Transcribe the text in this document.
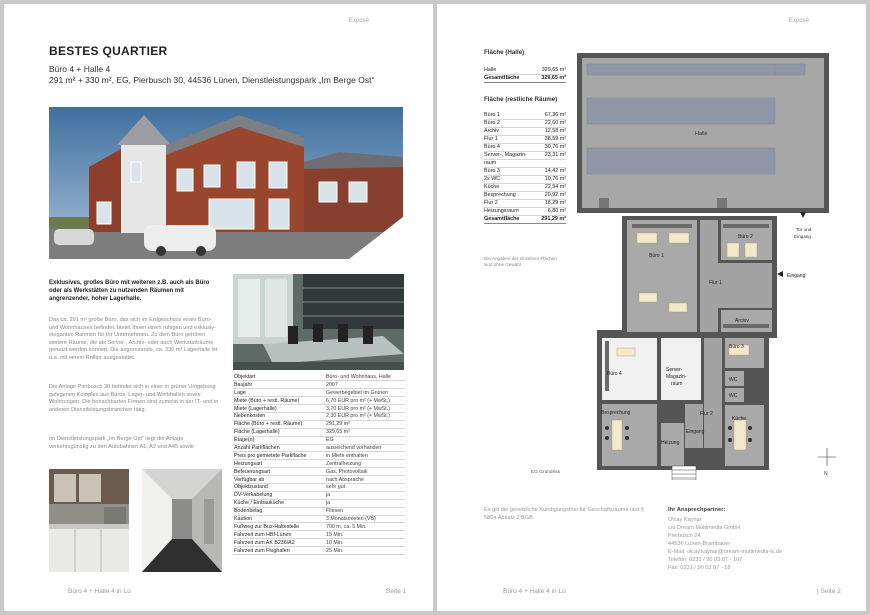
Exposé
BESTES QUARTIER
Büro 4 + Halle 4
291 m² + 330 m², EG, Pierbusch 30, 44536 Lünen, Dienstleistungspark „Im Berge Ost“
Exklusives, großes Büro mit weiteren z.B. auch als Büro oder als Werkstätten zu nutzenden Räumen mit angrenzender, hoher Lagerhalle.
Das ca. 291 m² große Büro, das sich im Erdgeschoss eines Büro- und Wohnhauses befindet, bietet Ihnen einen ruhigen und exklusiv-eleganten Rahmen für Ihr Unternehmen. Zu dem Büro gehören weitere Räume, die als Server-, Archiv- oder auch Werkstatträume genutzt werden können. Die angrenzende, ca. 330 m² Lagerhalle ist u.a. mit einem Rolltor ausgestattet.
Die Anlage Pierbusch 30 befindet sich in einer in grüner Umgebung gelegenen Komplex aus Büros, Lager- und Werkhallen sowie Wohnungen. Die benachbarten Firmen sind zumeist in der IT- und in anderen Dienstleistungsbranchen tätig.
Im Dienstleistungspark „Im Berge Ost“ liegt die Anlage verkehrsgünstig zu den Autobahnen A1, A2 und A45 sowie
Objektart	Büro- und Wohnhaus, Halle
Baujahr	2007
Lage	Gewerbegebiet im Grünen
Miete (Büro + restl. Räume)	6,70 EUR pro m² (+ MwSt.)
Miete (Lagerhalle)	3,70 EUR pro m² (+ MwSt.)
Nebenkosten	2,30 EUR pro m² (+ MwSt.)
Fläche (Büro + restl. Räume)	291,29 m²
Fläche (Lagerhalle)	329,65 m²
Etage(n)	EG
Anzahl Parkflächen	ausreichend vorhanden
Preis pro gemietete Parkfläche	in Miete enthalten
Heizungsart	Zentralheizung
Befeuerungsart	Gas, Photovoltaik
Verfügbar ab	nach Absprache
Objektzustand	sehr gut
DV-Verkabelung	ja
Küche / Einbauküche	ja
Bodenbelag	Fliesen
Kaution	3 Monatsmieten (VB)
Fußweg zur Bus-Haltestelle	700 m, ca. 5 Min.
Fahrzeit zum HBf-Lünen	15 Min.
Fahrzeit zum AK B236/A2	10 Min.
Fahrzeit zum Flughafen	25 Min.
Büro 4 + Halle 4 in Lü	Seite 1
Exposé
Fläche (Halle)
Halle	329,65 m²
Gesamtfläche	329,65 m²
Fläche (restliche Räume)
Büro 1	67,36 m²
Büro 2	22,60 m²
Archiv	12,58 m²
Flur 1	38,59 m²
Büro 4	30,76 m²
Server-, Magazin-	23,31 m²
raum	
Büro 3	14,42 m²
2x WC	10,76 m²
Küche	22,94 m²
Besprechung	20,92 m²
Flur 2	18,29 m²
Heizungsraum	6,80 m²
Gesamtfläche	291,29 m²
Die Angaben der einzelnen Flächen sind ohne Gewähr
Halle
Tor und
Eingang
Büro 1
Büro 2
Flur 1
Archiv
Büro 3
Büro 4
Server-
Magazin-
raum
WC
WC
Flur 2
Besprechung
Küche
Heizung
Eingang
Eingang
N
EG Grundriss
Es gilt die gesetzliche Kündigungsfrist für Geschäftsräume laut § 580a Absatz 2 BGB.
Ihr Ansprechpartner:
Olcay Kaynar
c/o Dream Multimedia GmbH
Pierbusch 24
44536 Lünen-Brambauer
E-Mail: olcay.kaynar@dream-multimedia-tv.de
Telefon: 0231 / 90 03 87 - 107
Fax: 0231 / 90 03 87 - 18
Büro 4 + Halle 4 in Lü	| Seite 2
